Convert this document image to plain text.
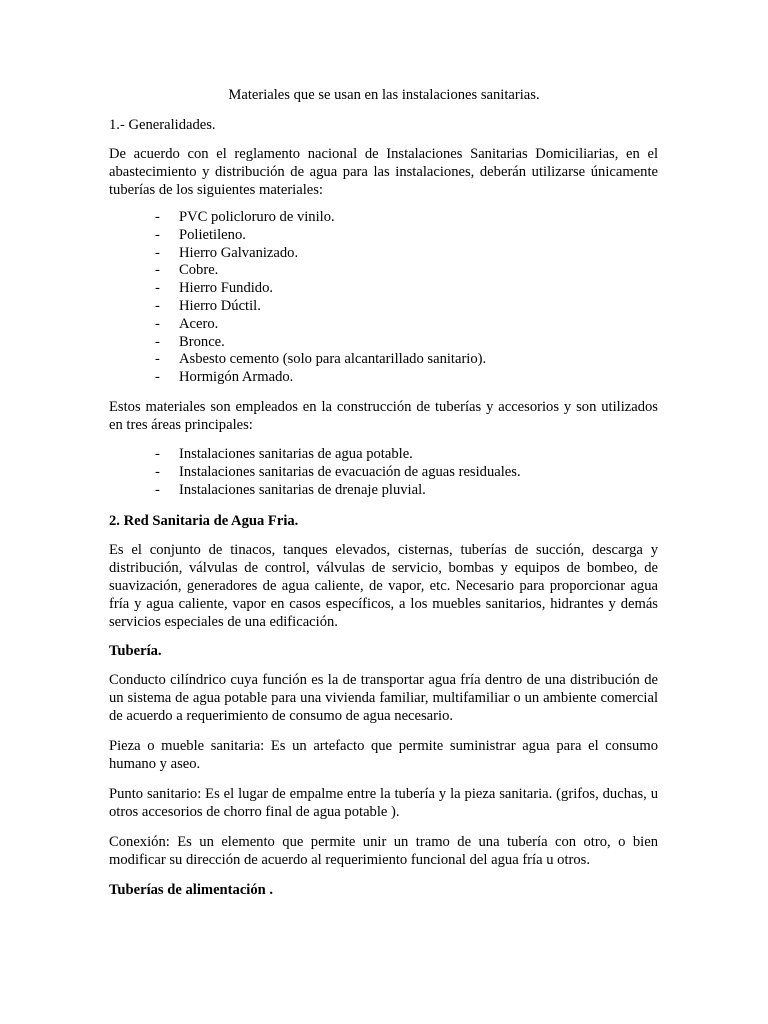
Materiales que se usan en las instalaciones sanitarias.
1.- Generalidades.
De acuerdo con el reglamento nacional de Instalaciones Sanitarias Domiciliarias, en el abastecimiento y distribución de agua para las instalaciones, deberán utilizarse únicamente tuberías de los siguientes materiales:
- PVC policloruro de vinilo.
- Polietileno.
- Hierro Galvanizado.
- Cobre.
- Hierro Fundido.
- Hierro Dúctil.
- Acero.
- Bronce.
- Asbesto cemento (solo para alcantarillado sanitario).
- Hormigón Armado.
Estos materiales son empleados en la construcción de tuberías y accesorios y son utilizados en tres áreas principales:
- Instalaciones sanitarias de agua potable.
- Instalaciones sanitarias de evacuación de aguas residuales.
- Instalaciones sanitarias de drenaje pluvial.
2. Red Sanitaria de Agua Fria.
Es el conjunto de tinacos, tanques elevados, cisternas, tuberías de succión, descarga y distribución, válvulas de control, válvulas de servicio, bombas y equipos de bombeo, de suavización, generadores de agua caliente, de vapor, etc. Necesario para proporcionar agua fría y agua caliente, vapor en casos específicos, a los muebles sanitarios, hidrantes y demás servicios especiales de una edificación.
Tubería.
Conducto cilíndrico cuya función es la de transportar agua fría dentro de una distribución de un sistema de agua potable para una vivienda familiar, multifamiliar o un ambiente comercial de acuerdo a requerimiento de consumo de agua necesario.
Pieza o mueble sanitaria: Es un artefacto que permite suministrar agua para el consumo humano y aseo.
Punto sanitario: Es el lugar de empalme entre la tubería y la pieza sanitaria. (grifos, duchas, u otros accesorios de chorro final de agua potable ).
Conexión: Es un elemento que permite unir un tramo de una tubería con otro, o bien modificar su dirección de acuerdo al requerimiento funcional del agua fría u otros.
Tuberías de alimentación .
